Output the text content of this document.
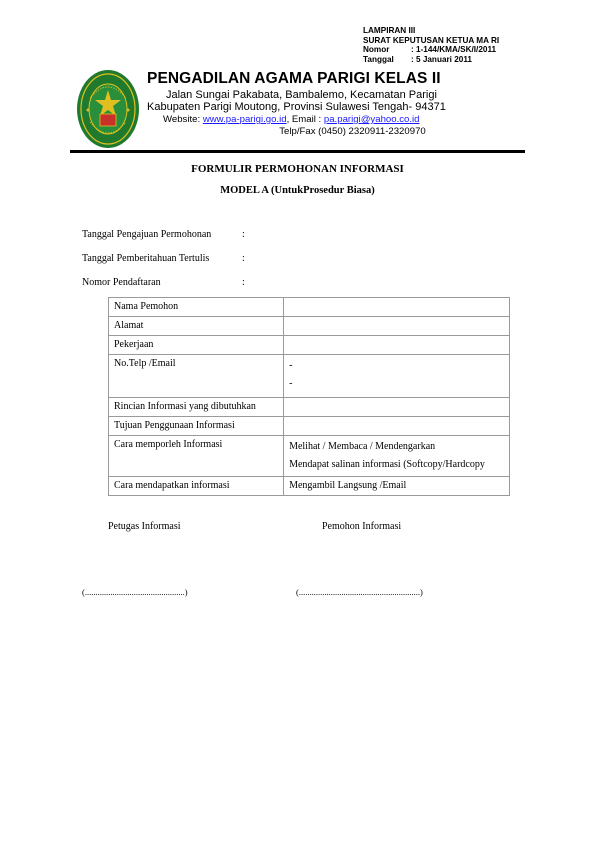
LAMPIRAN III
SURAT KEPUTUSAN KETUA MA RI
Nomor	: 1-144/KMA/SK/I/2011
Tanggal : 5 Januari 2011
PENGADILAN AGAMA PARIGI KELAS II
Jalan Sungai Pakabata, Bambalemo, Kecamatan Parigi
Kabupaten Parigi Moutong, Provinsi Sulawesi Tengah- 94371
Website: www.pa-parigi.go.id, Email : pa.parigi@yahoo.co.id
Telp/Fax (0450) 2320911-2320970
FORMULIR PERMOHONAN INFORMASI
MODEL A (UntukProsedur Biasa)
Tanggal Pengajuan Permohonan	:
Tanggal Pemberitahuan Tertulis	:
Nomor Pendaftaran	:
Nama Pemohon	
Alamat	
Pekerjaan	
No.Telp /Email	-
-

Rincian Informasi yang dibutuhkan	
Tujuan Penggunaan Informasi	
Cara memporleh Informasi	Melihat / Membaca / Mendengarkan
Mendapat salinan informasi (Softcopy/Hardcopy

Cara mendapatkan informasi	Mengambil Langsung /Email
Petugas Informasi	Pemohon Informasi
(...............................................)	(.........................................................)
